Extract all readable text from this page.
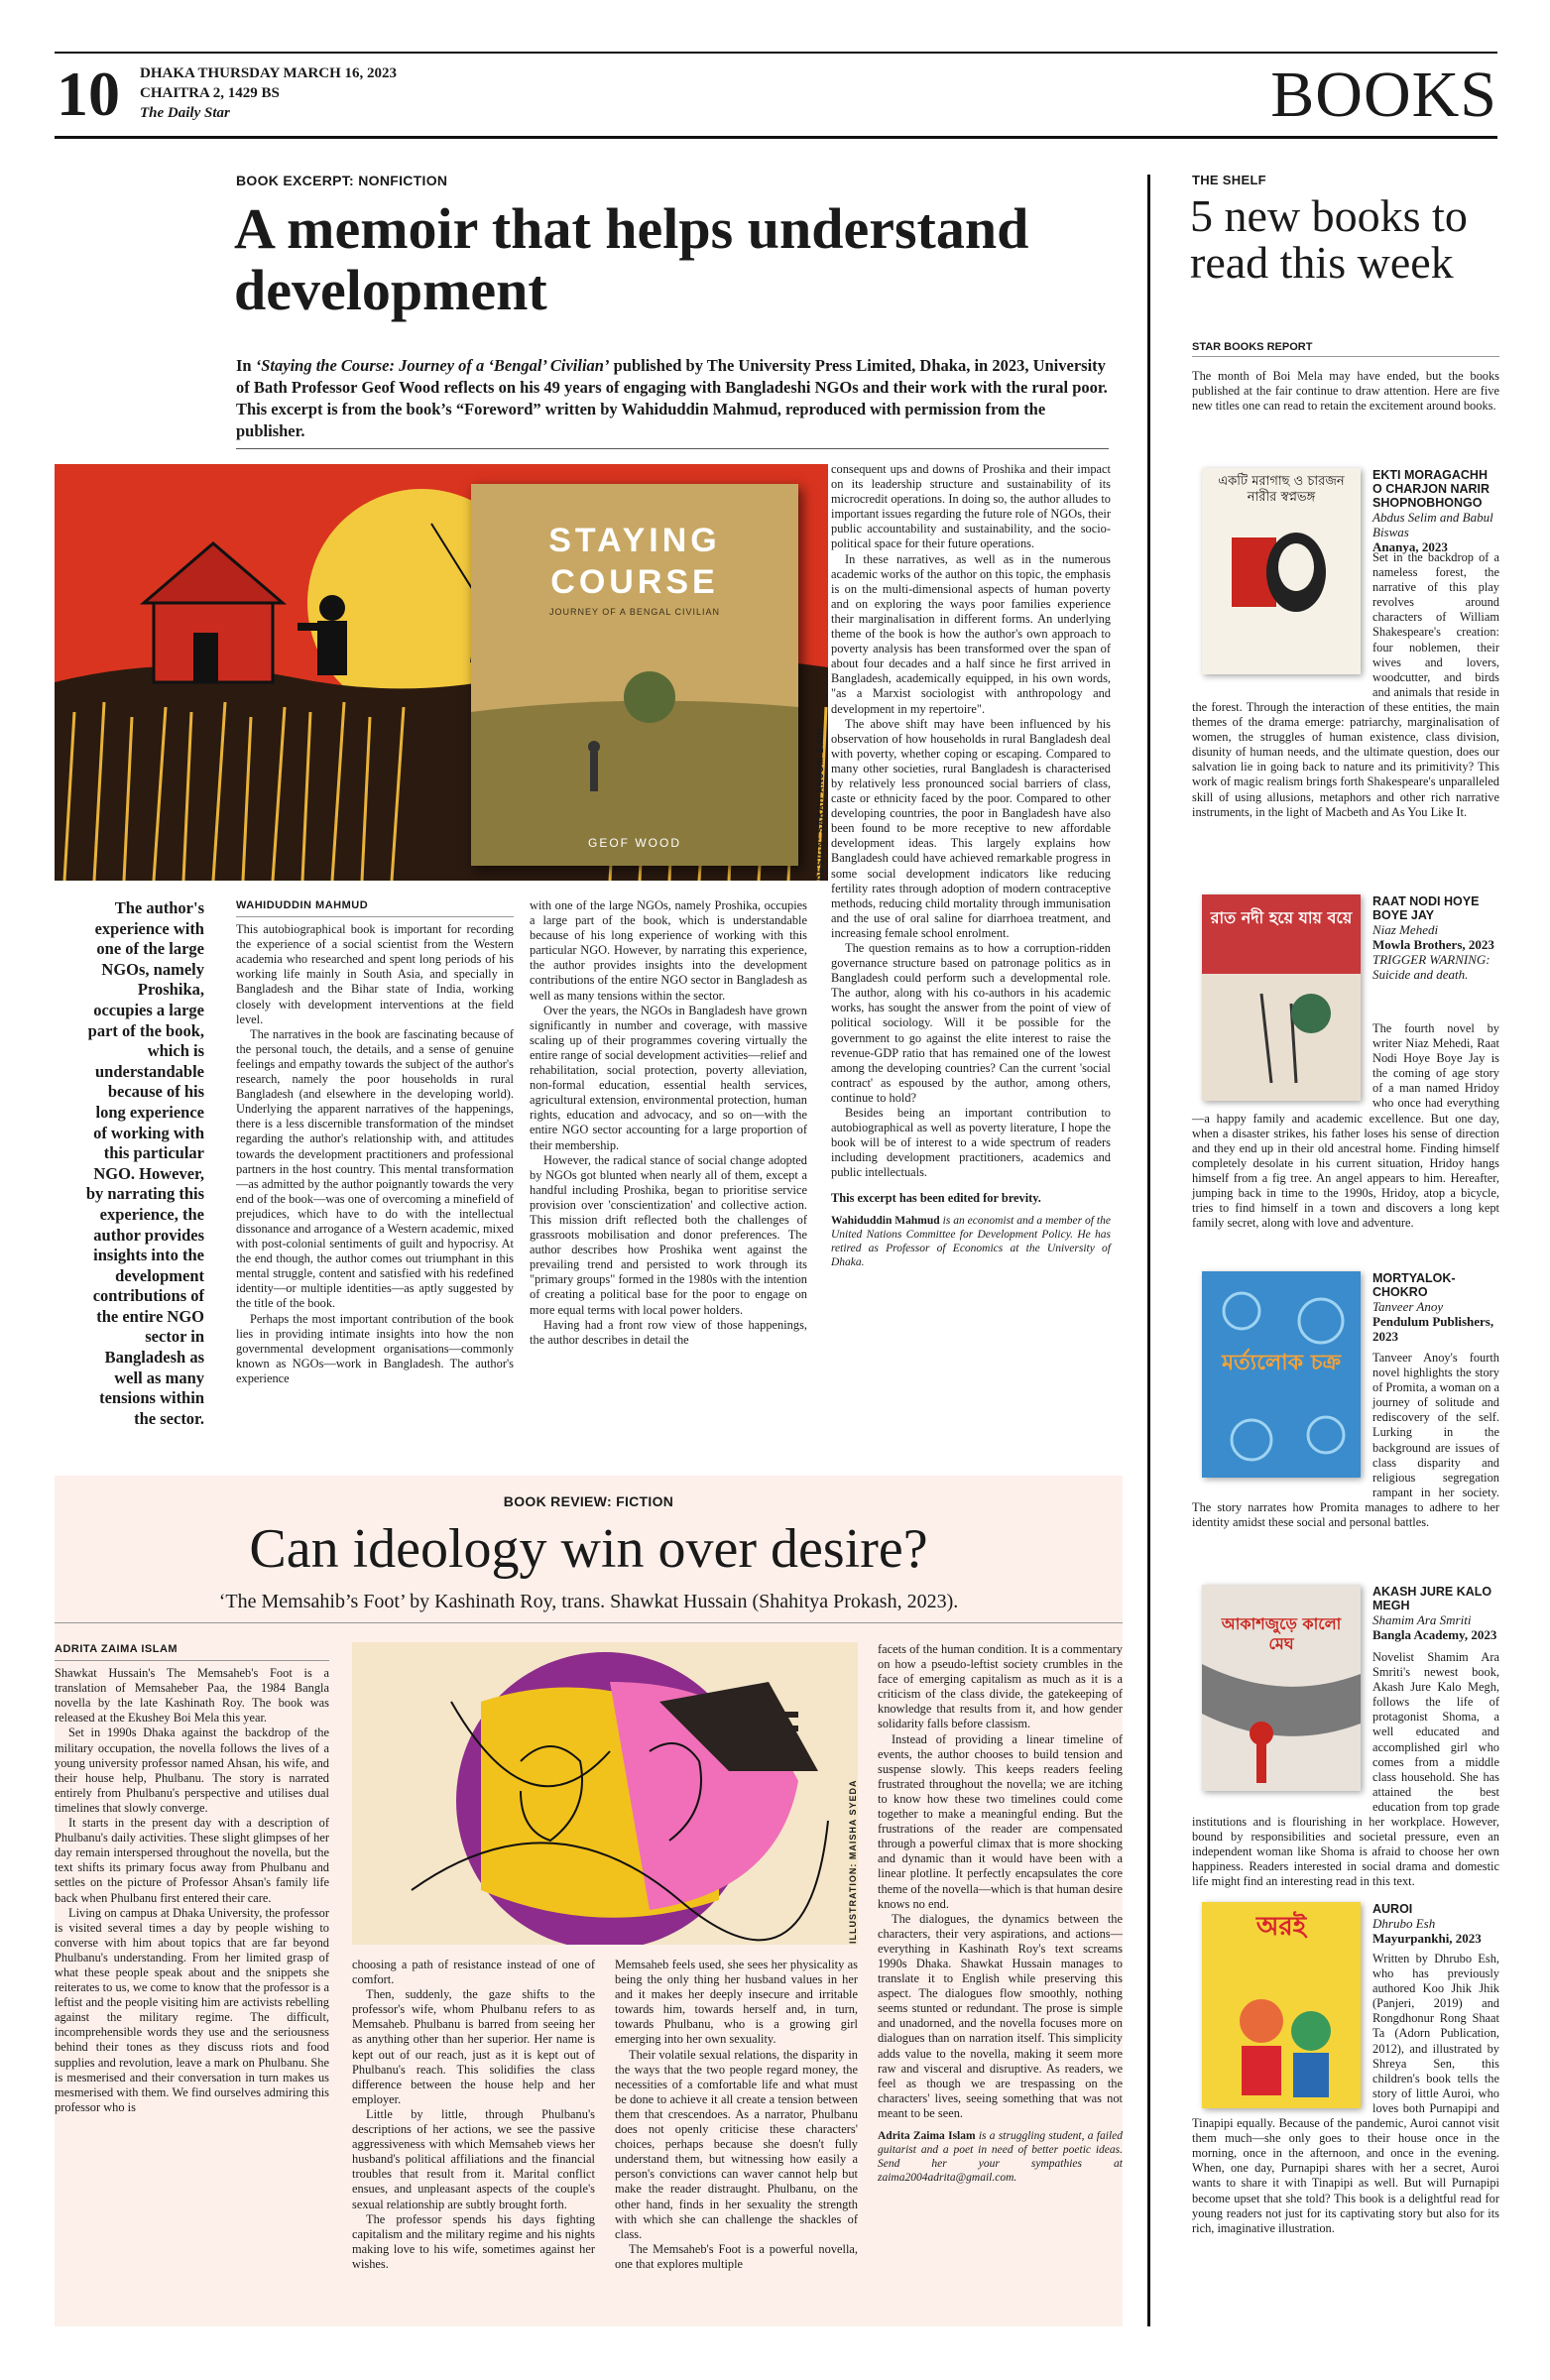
10 DHAKA THURSDAY MARCH 16, 2023
CHAITRA 2, 1429 BS
The Daily Star	BOOKS
BOOK EXCERPT: NONFICTION
A memoir that helps understand development
In ‘Staying the Course: Journey of a ‘Bengal’ Civilian’ published by The University Press Limited, Dhaka, in 2023, University of Bath Professor Geof Wood reflects on his 49 years of engaging with Bangladeshi NGOs and their work with the rural poor. This excerpt is from the book’s “Foreword” written by Wahiduddin Mahmud, reproduced with permission from the publisher.
STAYING
COURSE
JOURNEY OF A BENGAL CIVILIAN
GEOF WOOD	DESIGN: SARAH ANJUM BARI
The author's experience with one of the large NGOs, namely Proshika, occupies a large part of the book, which is understandable because of his long experience of working with this particular NGO. However, by narrating this experience, the author provides insights into the development contributions of the entire NGO sector in Bangladesh as well as many tensions within the sector.
WAHIDUDDIN MAHMUD

This autobiographical book is important for recording the experience of a social scientist from the Western academia who researched and spent long periods of his working life mainly in South Asia, and specially in Bangladesh and the Bihar state of India, working closely with development interventions at the field level.

The narratives in the book are fascinating because of the personal touch, the details, and a sense of genuine feelings and empathy towards the subject of the author's research, namely the poor households in rural Bangladesh (and elsewhere in the developing world). Underlying the apparent narratives of the happenings, there is a less discernible transformation of the mindset regarding the author's relationship with, and attitudes towards the development practitioners and professional partners in the host country. This mental transformation—as admitted by the author poignantly towards the very end of the book—was one of overcoming a minefield of prejudices, which have to do with the intellectual dissonance and arrogance of a Western academic, mixed with post-colonial sentiments of guilt and hypocrisy. At the end though, the author comes out triumphant in this mental struggle, content and satisfied with his redefined identity—or multiple identities—as aptly suggested by the title of the book.

Perhaps the most important contribution of the book lies in providing intimate insights into how the non governmental development organisations—commonly known as NGOs—work in Bangladesh. The author's experience

with one of the large NGOs, namely Proshika, occupies a large part of the book, which is understandable because of his long experience of working with this particular NGO. However, by narrating this experience, the author provides insights into the development contributions of the entire NGO sector in Bangladesh as well as many tensions within the sector.

Over the years, the NGOs in Bangladesh have grown significantly in number and coverage, with massive scaling up of their programmes covering virtually the entire range of social development activities—relief and rehabilitation, social protection, poverty alleviation, non-formal education, essential health services, agricultural extension, environmental protection, human rights, education and advocacy, and so on—with the entire NGO sector accounting for a large proportion of their membership.

However, the radical stance of social change adopted by NGOs got blunted when nearly all of them, except a handful including Proshika, began to prioritise service provision over 'conscientization' and collective action. This mission drift reflected both the challenges of grassroots mobilisation and donor preferences. The author describes how Proshika went against the prevailing trend and persisted to work through its "primary groups" formed in the 1980s with the intention of creating a political base for the poor to engage on more equal terms with local power holders.

Having had a front row view of those happenings, the author describes in detail the

consequent ups and downs of Proshika and their impact on its leadership structure and sustainability of its microcredit operations. In doing so, the author alludes to important issues regarding the future role of NGOs, their public accountability and sustainability, and the socio-political space for their future operations.

In these narratives, as well as in the numerous academic works of the author on this topic, the emphasis is on the multi-dimensional aspects of human poverty and on exploring the ways poor families experience their marginalisation in different forms. An underlying theme of the book is how the author's own approach to poverty analysis has been transformed over the span of about four decades and a half since he first arrived in Bangladesh, academically equipped, in his own words, "as a Marxist sociologist with anthropology and development in my repertoire".

The above shift may have been influenced by his observation of how households in rural Bangladesh deal with poverty, whether coping or escaping. Compared to many other societies, rural Bangladesh is characterised by relatively less pronounced social barriers of class, caste or ethnicity faced by the poor. Compared to other developing countries, the poor in Bangladesh have also been found to be more receptive to new affordable development ideas. This largely explains how Bangladesh could have achieved remarkable progress in some social development indicators like reducing fertility rates through adoption of modern contraceptive methods, reducing child mortality through immunisation and the use of oral saline for diarrhoea treatment, and increasing female school enrolment.

The question remains as to how a corruption-ridden governance structure based on patronage politics as in Bangladesh could perform such a developmental role. The author, along with his co-authors in his academic works, has sought the answer from the point of view of political sociology. Will it be possible for the government to go against the elite interest to raise the revenue-GDP ratio that has remained one of the lowest among the developing countries? Can the current 'social contract' as espoused by the author, among others, continue to hold?

Besides being an important contribution to autobiographical as well as poverty literature, I hope the book will be of interest to a wide spectrum of readers including development practitioners, academics and public intellectuals.

This excerpt has been edited for brevity.

Wahiduddin Mahmud is an economist and a member of the United Nations Committee for Development Policy. He has retired as Professor of Economics at the University of Dhaka.

BOOK REVIEW: FICTION
Can ideology win over desire?
‘The Memsahib’s Foot’ by Kashinath Roy, trans. Shawkat Hussain (Shahitya Prokash, 2023).
ILLUSTRATION: MAISHA SYEDA
ADRITA ZAIMA ISLAM

Shawkat Hussain's The Memsaheb's Foot is a translation of Memsaheber Paa, the 1984 Bangla novella by the late Kashinath Roy. The book was released at the Ekushey Boi Mela this year.

Set in 1990s Dhaka against the backdrop of the military occupation, the novella follows the lives of a young university professor named Ahsan, his wife, and their house help, Phulbanu. The story is narrated entirely from Phulbanu's perspective and utilises dual timelines that slowly converge.

It starts in the present day with a description of Phulbanu's daily activities. These slight glimpses of her day remain interspersed throughout the novella, but the text shifts its primary focus away from Phulbanu and settles on the picture of Professor Ahsan's family life back when Phulbanu first entered their care.

Living on campus at Dhaka University, the professor is visited several times a day by people wishing to converse with him about topics that are far beyond Phulbanu's understanding. From her limited grasp of what these people speak about and the snippets she reiterates to us, we come to know that the professor is a leftist and the people visiting him are activists rebelling against the military regime. The difficult, incomprehensible words they use and the seriousness behind their tones as they discuss riots and food supplies and revolution, leave a mark on Phulbanu. She is mesmerised and their conversation in turn makes us mesmerised with them. We find ourselves admiring this professor who is

choosing a path of resistance instead of one of comfort.

Then, suddenly, the gaze shifts to the professor's wife, whom Phulbanu refers to as Memsaheb. Phulbanu is barred from seeing her as anything other than her superior. Her name is kept out of our reach, just as it is kept out of Phulbanu's reach. This solidifies the class difference between the house help and her employer.

Little by little, through Phulbanu's descriptions of her actions, we see the passive aggressiveness with which Memsaheb views her husband's political affiliations and the financial troubles that result from it. Marital conflict ensues, and unpleasant aspects of the couple's sexual relationship are subtly brought forth.

The professor spends his days fighting capitalism and the military regime and his nights making love to his wife, sometimes against her wishes.

Memsaheb feels used, she sees her physicality as being the only thing her husband values in her and it makes her deeply insecure and irritable towards him, towards herself and, in turn, towards Phulbanu, who is a growing girl emerging into her own sexuality.

Their volatile sexual relations, the disparity in the ways that the two people regard money, the necessities of a comfortable life and what must be done to achieve it all create a tension between them that crescendoes. As a narrator, Phulbanu does not openly criticise these characters' choices, perhaps because she doesn't fully understand them, but witnessing how easily a person's convictions can waver cannot help but make the reader distraught. Phulbanu, on the other hand, finds in her sexuality the strength with which she can challenge the shackles of class.

The Memsaheb's Foot is a powerful novella, one that explores multiple

facets of the human condition. It is a commentary on how a pseudo-leftist society crumbles in the face of emerging capitalism as much as it is a criticism of the class divide, the gatekeeping of knowledge that results from it, and how gender solidarity falls before classism.

Instead of providing a linear timeline of events, the author chooses to build tension and suspense slowly. This keeps readers feeling frustrated throughout the novella; we are itching to know how these two timelines could come together to make a meaningful ending. But the frustrations of the reader are compensated through a powerful climax that is more shocking and dynamic than it would have been with a linear plotline. It perfectly encapsulates the core theme of the novella—which is that human desire knows no end.

The dialogues, the dynamics between the characters, their very aspirations, and actions—everything in Kashinath Roy's text screams 1990s Dhaka. Shawkat Hussain manages to translate it to English while preserving this aspect. The dialogues flow smoothly, nothing seems stunted or redundant. The prose is simple and unadorned, and the novella focuses more on dialogues than on narration itself. This simplicity adds value to the novella, making it seem more raw and visceral and disruptive. As readers, we feel as though we are trespassing on the characters' lives, seeing something that was not meant to be seen.

Adrita Zaima Islam is a struggling student, a failed guitarist and a poet in need of better poetic ideas. Send her your sympathies at zaima2004adrita@gmail.com.

THE SHELF
5 new books to read this week
STAR BOOKS REPORT
The month of Boi Mela may have ended, but the books published at the fair continue to draw attention. Here are five new titles one can read to retain the excitement around books.
একটি মরাগাছ ও চারজন নারীর স্বপ্নভঙ্গ
EKTI MORAGACHH O CHARJON NARIR SHOPNOBHONGO
Abdus Selim and Babul Biswas
Ananya, 2023
Set in the backdrop of a nameless forest, the narrative of this play revolves around characters of William Shakespeare's creation: four noblemen, their wives and lovers, woodcutter, and birds and animals that reside in the forest. Through the interaction of these entities, the main themes of the drama emerge: patriarchy, marginalisation of women, the struggles of human existence, class division, disunity of human needs, and the ultimate question, does our salvation lie in going back to nature and its primitivity? This work of magic realism brings forth Shakespeare's unparalleled skill of using allusions, metaphors and other rich narrative instruments, in the light of Macbeth and As You Like It.
রাত নদী হয়ে যায় বয়ে
RAAT NODI HOYE BOYE JAY
Niaz Mehedi
Mowla Brothers, 2023
TRIGGER WARNING: Suicide and death.
The fourth novel by writer Niaz Mehedi, Raat Nodi Hoye Boye Jay is the coming of age story of a man named Hridoy who once had everything—a happy family and academic excellence. But one day, when a disaster strikes, his father loses his sense of direction and they end up in their old ancestral home. Finding himself completely desolate in his current situation, Hridoy hangs himself from a fig tree. An angel appears to him. Hereafter, jumping back in time to the 1990s, Hridoy, atop a bicycle, tries to find himself in a town and discovers a long kept family secret, along with love and adventure.
মর্ত্যলোক চক্র
MORTYALOK-CHOKRO
Tanveer Anoy
Pendulum Publishers, 2023
Tanveer Anoy's fourth novel highlights the story of Promita, a woman on a journey of solitude and rediscovery of the self. Lurking in the background are issues of class disparity and religious segregation rampant in her society. The story narrates how Promita manages to adhere to her identity amidst these social and personal battles.
আকাশজুড়ে কালো মেঘ
AKASH JURE KALO MEGH
Shamim Ara Smriti
Bangla Academy, 2023
Novelist Shamim Ara Smriti's newest book, Akash Jure Kalo Megh, follows the life of protagonist Shoma, a well educated and accomplished girl who comes from a middle class household. She has attained the best education from top grade institutions and is flourishing in her workplace. However, bound by responsibilities and societal pressure, even an independent woman like Shoma is afraid to choose her own happiness. Readers interested in social drama and domestic life might find an interesting read in this text.
অরই
AUROI
Dhrubo Esh
Mayurpankhi, 2023
Written by Dhrubo Esh, who has previously authored Koo Jhik Jhik (Panjeri, 2019) and Rongdhonur Rong Shaat Ta (Adorn Publication, 2012), and illustrated by Shreya Sen, this children's book tells the story of little Auroi, who loves both Purnapipi and Tinapipi equally. Because of the pandemic, Auroi cannot visit them much—she only goes to their house once in the morning, once in the afternoon, and once in the evening. When, one day, Purnapipi shares with her a secret, Auroi wants to share it with Tinapipi as well. But will Purnapipi become upset that she told? This book is a delightful read for young readers not just for its captivating story but also for its rich, imaginative illustration.
